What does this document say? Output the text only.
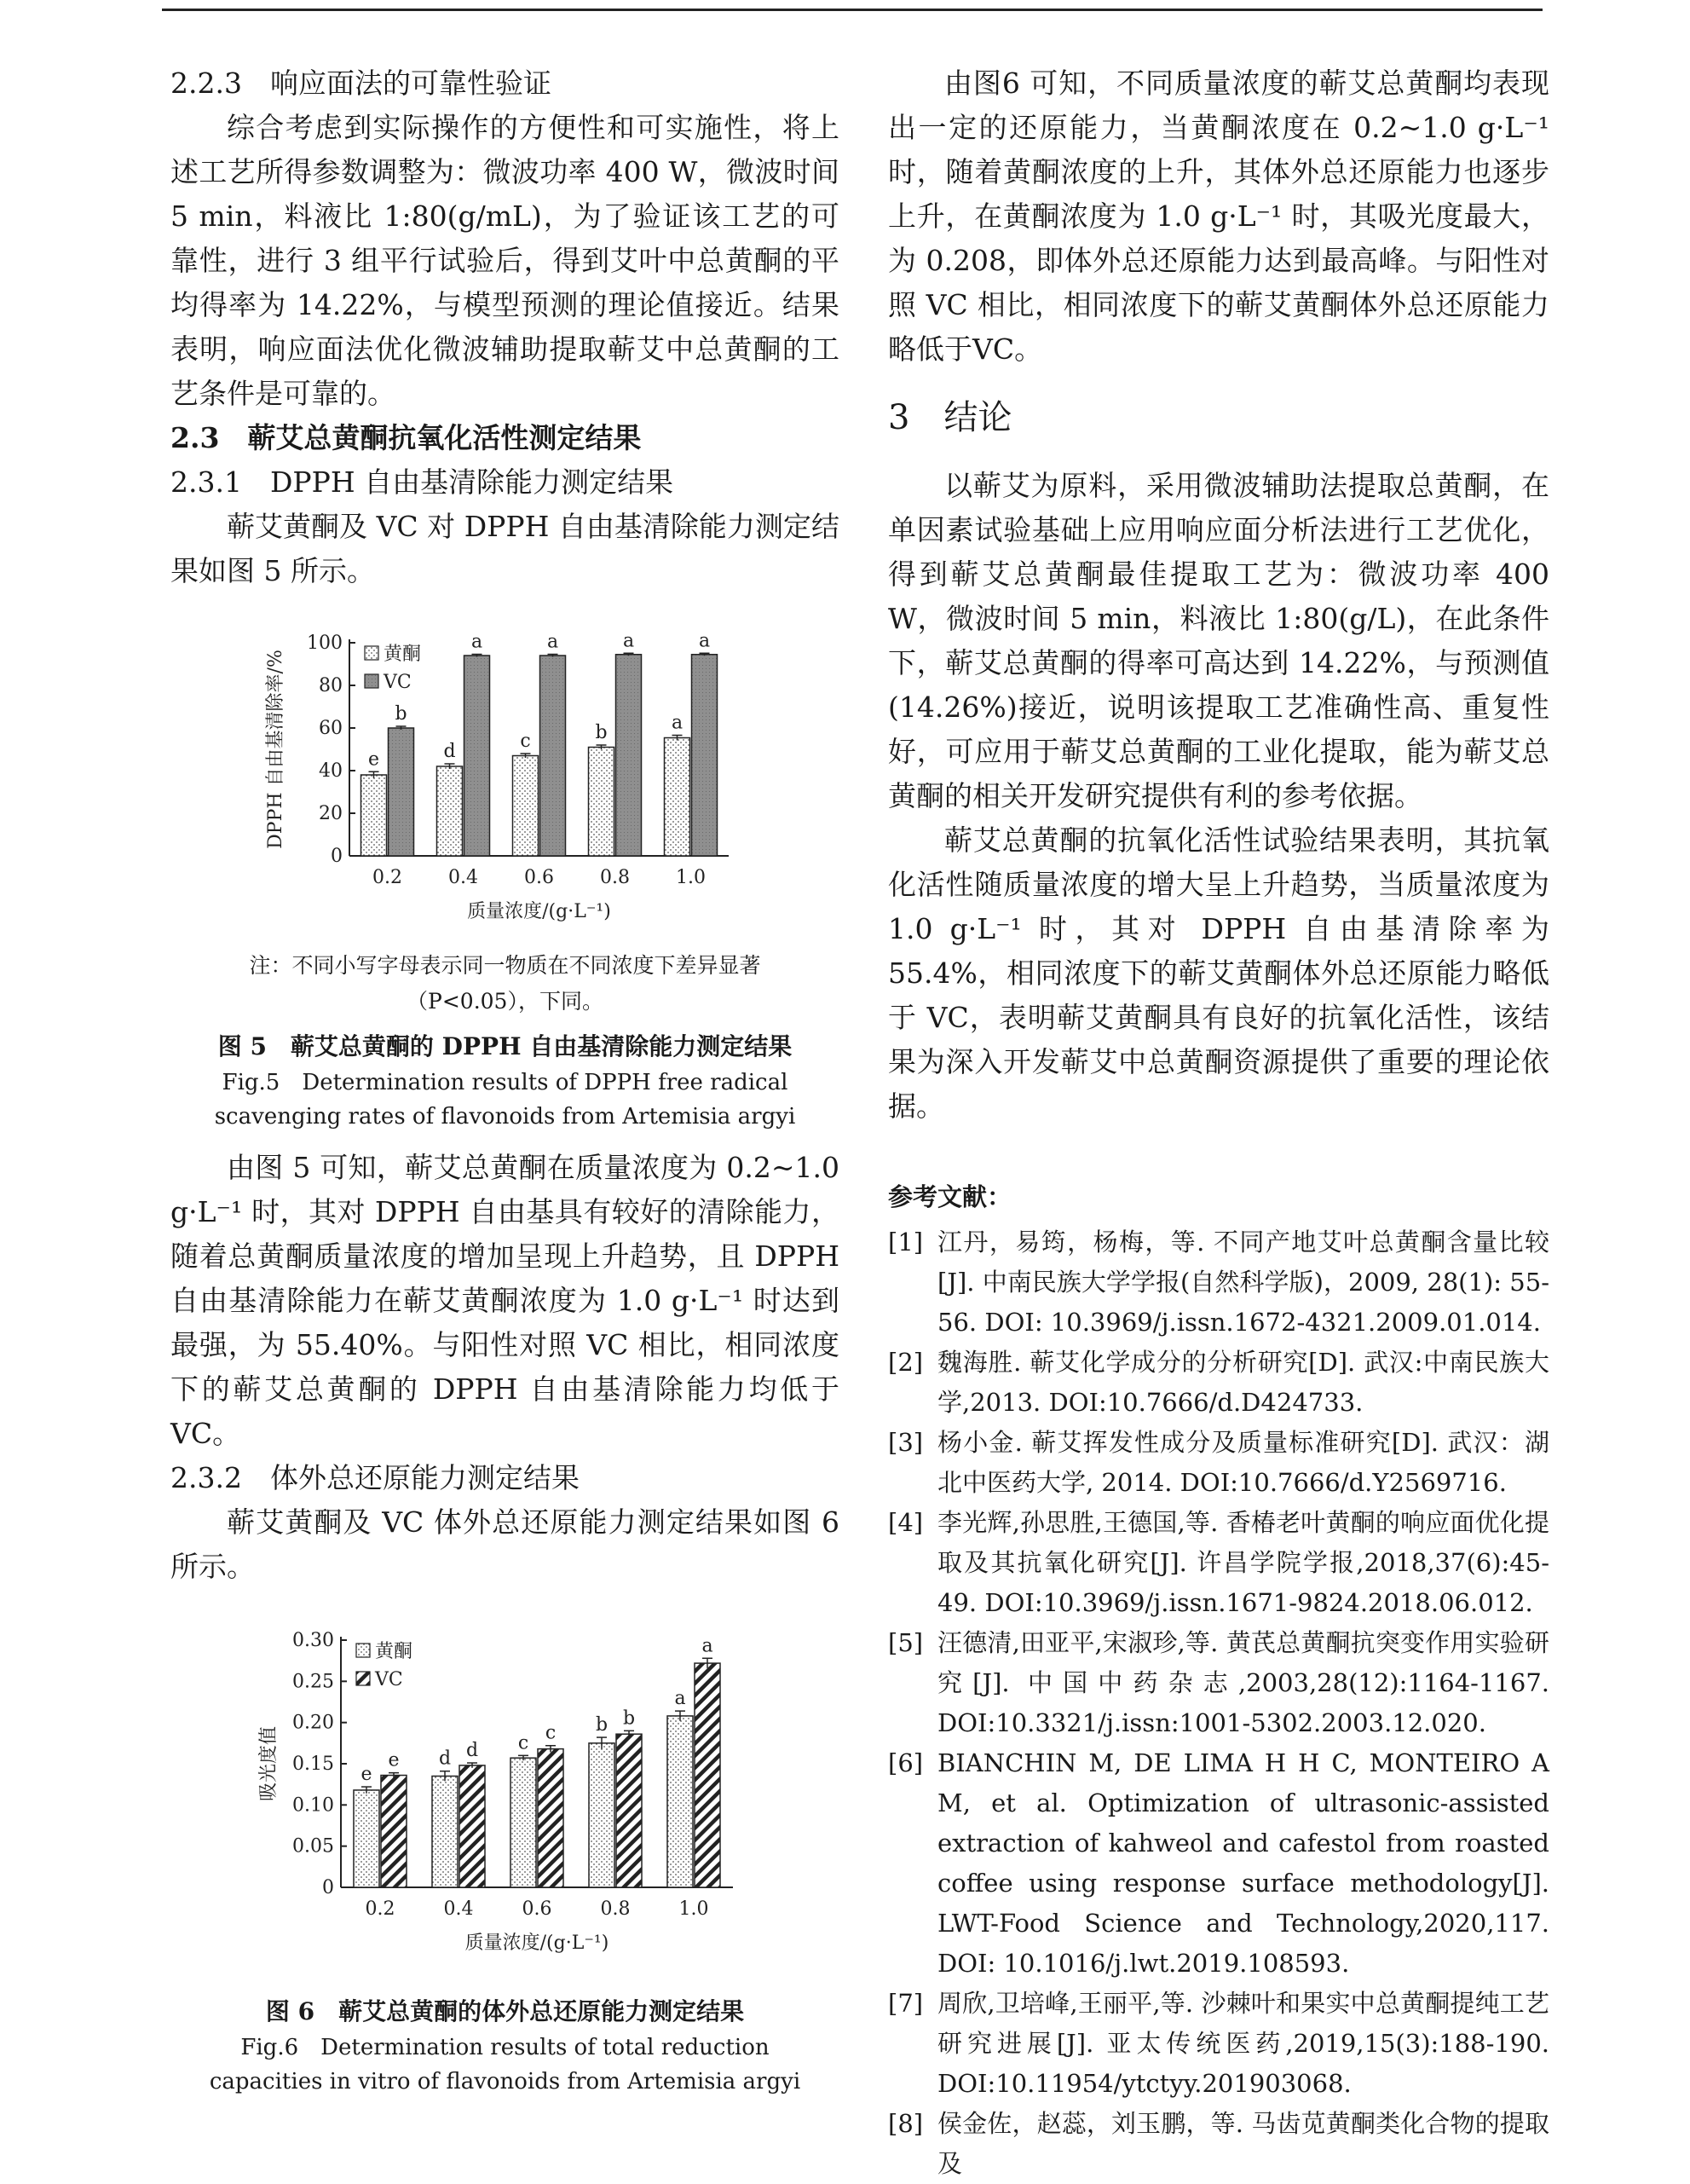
2.2.3　响应面法的可靠性验证

综合考虑到实际操作的方便性和可实施性，将上述工艺所得参数调整为：微波功率 400 W，微波时间 5 min，料液比 1:80(g/mL)，为了验证该工艺的可靠性，进行 3 组平行试验后，得到艾叶中总黄酮的平均得率为 14.22%，与模型预测的理论值接近。结果表明，响应面法优化微波辅助提取蕲艾中总黄酮的工艺条件是可靠的。

2.3　蕲艾总黄酮抗氧化活性测定结果

2.3.1　DPPH 自由基清除能力测定结果

蕲艾黄酮及 VC 对 DPPH 自由基清除能力测定结果如图 5 所示。

0
20
40
60
80
100
DPPH 自由基清除率/%	e
b
0.2
d
a
0.4
c
a
0.6
b
a
0.8
a
a
1.0
质量浓度/(g·L⁻¹)
黄酮
VC

注：不同小写字母表示同一物质在不同浓度下差异显著

（P<0.05），下同。

图 5　蕲艾总黄酮的 DPPH 自由基清除能力测定结果

Fig.5　Determination results of DPPH free radical scavenging rates of flavonoids from Artemisia argyi

由图 5 可知，蕲艾总黄酮在质量浓度为 0.2~1.0 g·L⁻¹ 时，其对 DPPH 自由基具有较好的清除能力，随着总黄酮质量浓度的增加呈现上升趋势，且 DPPH 自由基清除能力在蕲艾黄酮浓度为 1.0 g·L⁻¹ 时达到最强，为 55.40%。与阳性对照 VC 相比，相同浓度下的蕲艾总黄酮的 DPPH 自由基清除能力均低于 VC。

2.3.2　体外总还原能力测定结果

蕲艾黄酮及 VC 体外总还原能力测定结果如图 6 所示。

0
0.05
0.10
0.15
0.20
0.25
0.30
吸光度值	e
e
0.2
d d
0.4
c c
0.6
b b
0.8
a
a
1.0
质量浓度/(g·L⁻¹)
黄酮
VC

图 6　蕲艾总黄酮的体外总还原能力测定结果

Fig.6　Determination results of total reduction capacities in vitro of flavonoids from Artemisia argyi

由图6 可知，不同质量浓度的蕲艾总黄酮均表现出一定的还原能力，当黄酮浓度在 0.2~1.0 g·L⁻¹ 时，随着黄酮浓度的上升，其体外总还原能力也逐步上升，在黄酮浓度为 1.0 g·L⁻¹ 时，其吸光度最大，为 0.208，即体外总还原能力达到最高峰。与阳性对照 VC 相比，相同浓度下的蕲艾黄酮体外总还原能力略低于VC。

3　结论

以蕲艾为原料，采用微波辅助法提取总黄酮，在单因素试验基础上应用响应面分析法进行工艺优化，得到蕲艾总黄酮最佳提取工艺为：微波功率 400 W，微波时间 5 min，料液比 1:80(g/L)，在此条件下，蕲艾总黄酮的得率可高达到 14.22%，与预测值(14.26%)接近，说明该提取工艺准确性高、重复性好，可应用于蕲艾总黄酮的工业化提取，能为蕲艾总黄酮的相关开发研究提供有利的参考依据。

蕲艾总黄酮的抗氧化活性试验结果表明，其抗氧化活性随质量浓度的增大呈上升趋势，当质量浓度为 1.0 g·L⁻¹ 时，其对 DPPH 自由基清除率为 55.4%，相同浓度下的蕲艾黄酮体外总还原能力略低于 VC，表明蕲艾黄酮具有良好的抗氧化活性，该结果为深入开发蕲艾中总黄酮资源提供了重要的理论依据。

参考文献：

[1] 江丹，易筠，杨梅，等. 不同产地艾叶总黄酮含量比较[J]. 中南民族大学学报(自然科学版)，2009, 28(1): 55-56. DOI: 10.3969/j.issn.1672-4321.2009.01.014.
[2] 魏海胜. 蕲艾化学成分的分析研究[D]. 武汉:中南民族大学,2013. DOI:10.7666/d.D424733.
[3] 杨小金. 蕲艾挥发性成分及质量标准研究[D]. 武汉：湖北中医药大学, 2014. DOI:10.7666/d.Y2569716.
[4] 李光辉,孙思胜,王德国,等. 香椿老叶黄酮的响应面优化提取及其抗氧化研究[J]. 许昌学院学报,2018,37(6):45-49. DOI:10.3969/j.issn.1671-9824.2018.06.012.
[5] 汪德清,田亚平,宋淑珍,等. 黄芪总黄酮抗突变作用实验研究[J]. 中国中药杂志,2003,28(12):1164-1167. DOI:10.3321/j.issn:1001-5302.2003.12.020.
[6] BIANCHIN M, DE LIMA H H C, MONTEIRO A M, et al. Optimization of ultrasonic-assisted extraction of kahweol and cafestol from roasted coffee using response surface methodology[J]. LWT-Food Science and Technology,2020,117. DOI: 10.1016/j.lwt.2019.108593.
[7] 周欣,卫培峰,王丽平,等. 沙棘叶和果实中总黄酮提纯工艺研究进展[J]. 亚太传统医药,2019,15(3):188-190. DOI:10.11954/ytctyy.201903068.
[8] 侯金佐，赵蕊，刘玉鹏，等. 马齿苋黄酮类化合物的提取及
